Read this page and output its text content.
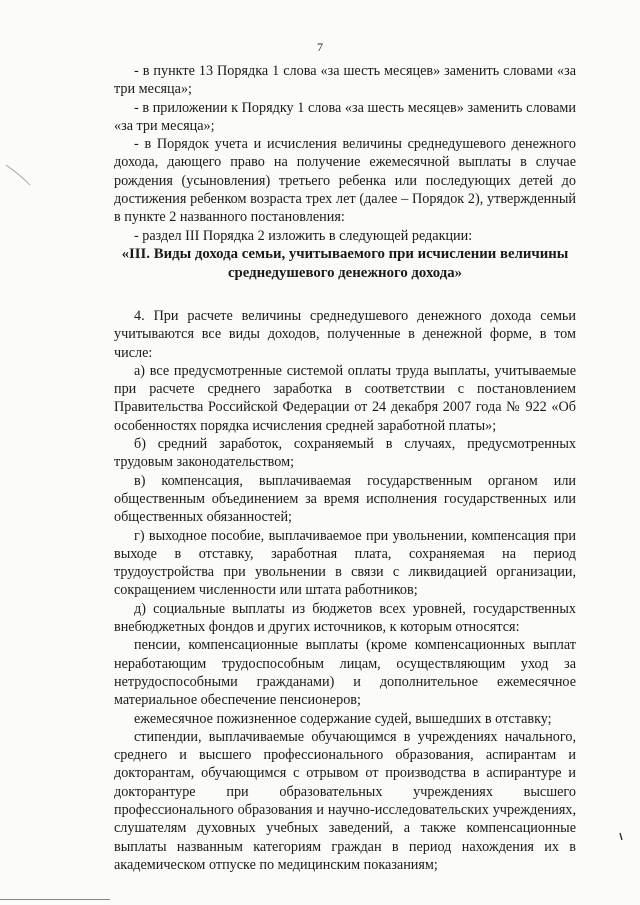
7

- в пункте 13 Порядка 1 слова «за шесть месяцев» заменить словами «за три месяца»;

- в приложении к Порядку 1 слова «за шесть месяцев» заменить словами «за три месяца»;

- в Порядок учета и исчисления величины среднедушевого денежного дохода, дающего право на получение ежемесячной выплаты в случае рождения (усыновления) третьего ребенка или последующих детей до достижения ребенком возраста трех лет (далее – Порядок 2), утвержденный в пункте 2 названного постановления:

- раздел III Порядка 2 изложить в следующей редакции:

«III. Виды дохода семьи, учитываемого при исчислении величины среднедушевого денежного дохода»

4. При расчете величины среднедушевого денежного дохода семьи учитываются все виды доходов, полученные в денежной форме, в том числе:

а) все предусмотренные системой оплаты труда выплаты, учитываемые при расчете среднего заработка в соответствии с постановлением Правительства Российской Федерации от 24 декабря 2007 года № 922 «Об особенностях порядка исчисления средней заработной платы»;

б) средний заработок, сохраняемый в случаях, предусмотренных трудовым законодательством;

в) компенсация, выплачиваемая государственным органом или общественным объединением за время исполнения государственных или общественных обязанностей;

г) выходное пособие, выплачиваемое при увольнении, компенсация при выходе в отставку, заработная плата, сохраняемая на период трудоустройства при увольнении в связи с ликвидацией организации, сокращением численности или штата работников;

д) социальные выплаты из бюджетов всех уровней, государственных внебюджетных фондов и других источников, к которым относятся:

пенсии, компенсационные выплаты (кроме компенсационных выплат неработающим трудоспособным лицам, осуществляющим уход за нетрудоспособными гражданами) и дополнительное ежемесячное материальное обеспечение пенсионеров;

ежемесячное пожизненное содержание судей, вышедших в отставку;

стипендии, выплачиваемые обучающимся в учреждениях начального, среднего и высшего профессионального образования, аспирантам и докторантам, обучающимся с отрывом от производства в аспирантуре и докторантуре при образовательных учреждениях высшего профессионального образования и научно-исследовательских учреждениях, слушателям духовных учебных заведений, а также компенсационные выплаты названным категориям граждан в период нахождения их в академическом отпуске по медицинским показаниям;
